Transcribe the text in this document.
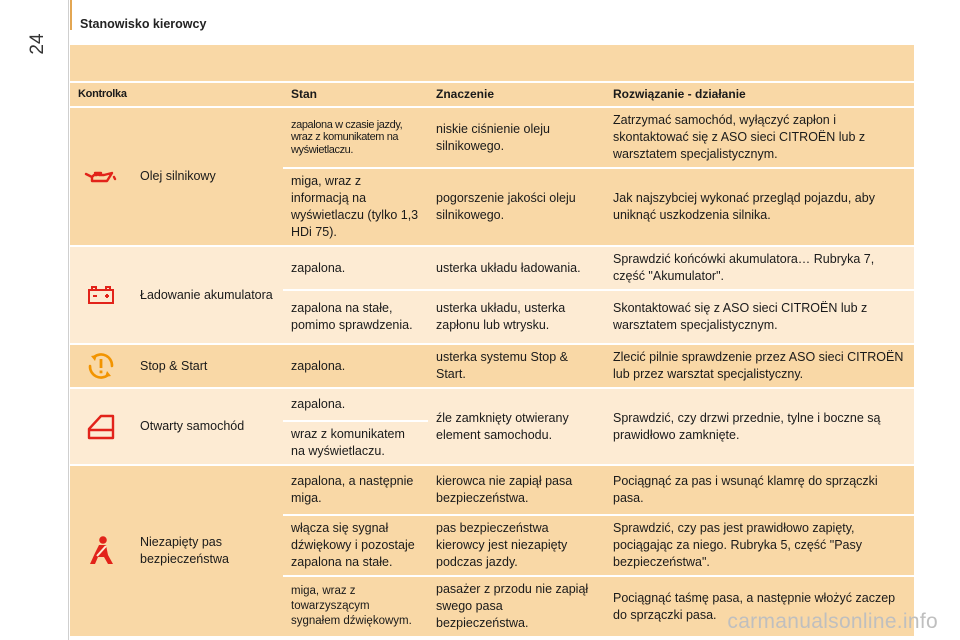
24
Stanowisko kierowcy
Kontrolka		Stan	Znaczenie	Rozwiązanie - działanie
	Olej silnikowy	zapalona w czasie jazdy, wraz z komunikatem na wyświetlaczu.	niskie ciśnienie oleju silnikowego.	Zatrzymać samochód, wyłączyć zapłon i skontaktować się z ASO sieci CITROËN lub z warsztatem specjalistycznym.
		miga, wraz z informacją na wyświetlaczu (tylko 1,3 HDi 75).	pogorszenie jakości oleju silnikowego.	Jak najszybciej wykonać przegląd pojazdu, aby uniknąć uszkodzenia silnika.
	Ładowanie akumulatora	zapalona.	usterka układu ładowania.	Sprawdzić końcówki akumulatora… Rubryka 7, część "Akumulator".
		zapalona na stałe, pomimo sprawdzenia.	usterka układu, usterka zapłonu lub wtrysku.	Skontaktować się z ASO sieci CITROËN lub z warsztatem specjalistycznym.
	Stop & Start	zapalona.	usterka systemu Stop & Start.	Zlecić pilnie sprawdzenie przez ASO sieci CITROËN lub przez warsztat specjalistyczny.
	Otwarty samochód	zapalona.	źle zamknięty otwierany element samochodu.	Sprawdzić, czy drzwi przednie, tylne i boczne są prawidłowo zamknięte.
		wraz z komunikatem na wyświetlaczu.		
	Niezapięty pas bezpieczeństwa	zapalona, a następnie miga.	kierowca nie zapiął pasa bezpieczeństwa.	Pociągnąć za pas i wsunąć klamrę do sprzączki pasa.
		włącza się sygnał dźwiękowy i pozostaje zapalona na stałe.	pas bezpieczeństwa kierowcy jest niezapięty podczas jazdy.	Sprawdzić, czy pas jest prawidłowo zapięty, pociągając za niego. Rubryka 5, część "Pasy bezpieczeństwa".
		miga, wraz z towarzyszącym sygnałem dźwiękowym.	pasażer z przodu nie zapiął swego pasa bezpieczeństwa.	Pociągnąć taśmę pasa, a następnie włożyć zaczep do sprzączki pasa. carmanualsonline.info
